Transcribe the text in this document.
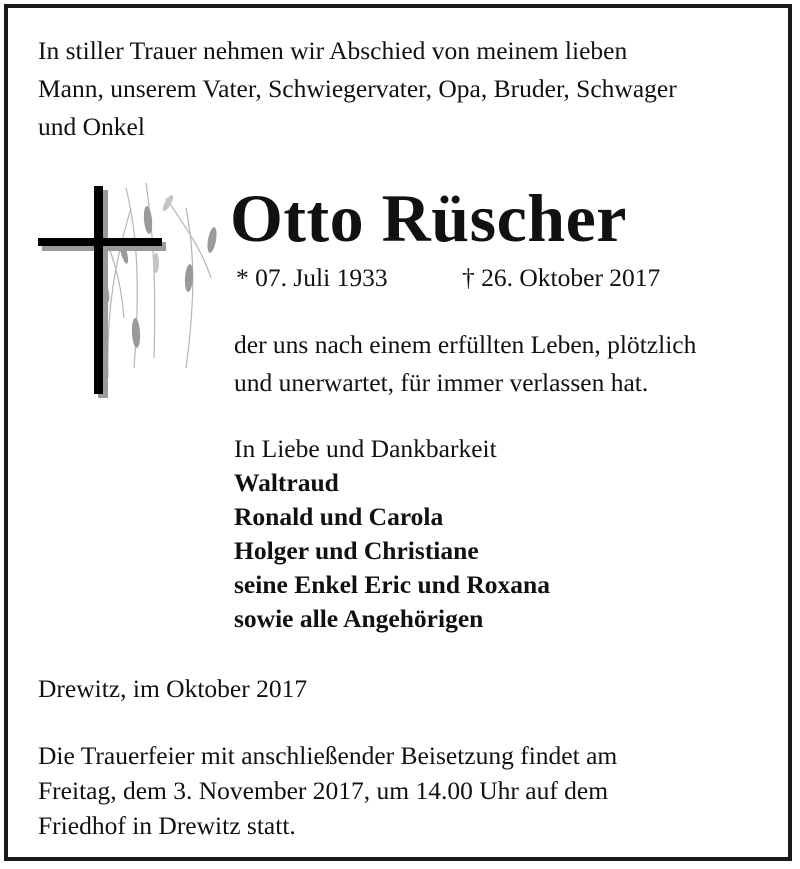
In stiller Trauer nehmen wir Abschied von meinem lieben
Mann, unserem Vater, Schwiegervater, Opa, Bruder, Schwager
und Onkel
Otto Rüscher
* 07. Juli 1933	† 26. Oktober 2017
der uns nach einem erfüllten Leben, plötzlich
und unerwartet, für immer verlassen hat.
In Liebe und Dankbarkeit
Waltraud
Ronald und Carola
Holger und Christiane
seine Enkel Eric und Roxana
sowie alle Angehörigen
Drewitz, im Oktober 2017
Die Trauerfeier mit anschließender Beisetzung findet am
Freitag, dem 3. November 2017, um 14.00 Uhr auf dem
Friedhof in Drewitz statt.
